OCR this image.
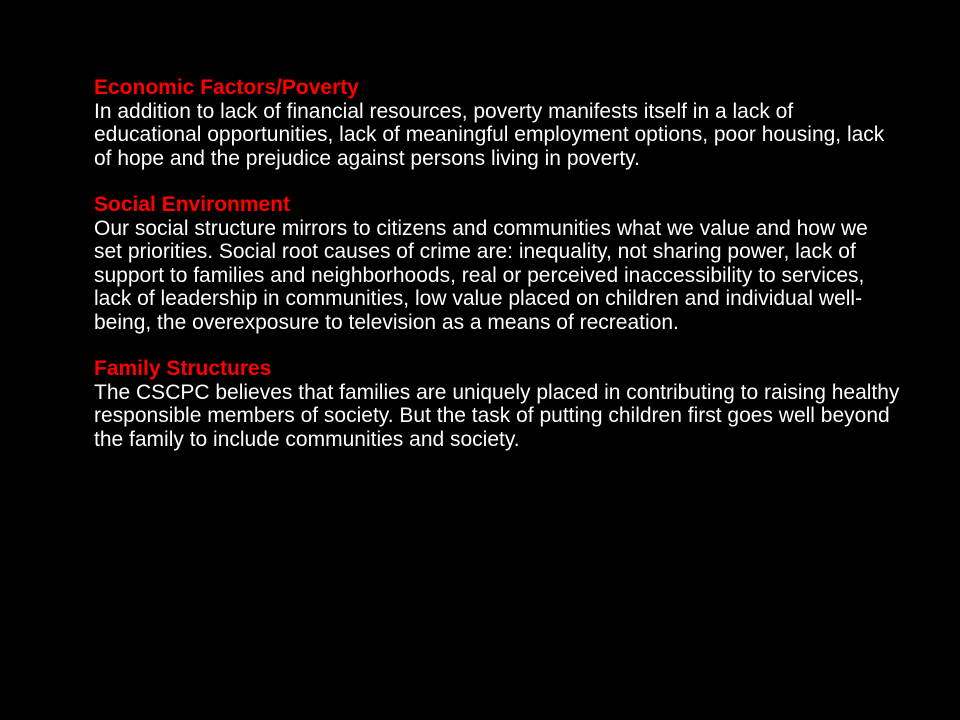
Economic Factors/Poverty

In addition to lack of financial resources, poverty manifests itself in a lack of educational opportunities, lack of meaningful employment options, poor housing, lack of hope and the prejudice against persons living in poverty.

Social Environment

Our social structure mirrors to citizens and communities what we value and how we set priorities. Social root causes of crime are: inequality, not sharing power, lack of support to families and neighborhoods, real or perceived inaccessibility to services, lack of leadership in communities, low value placed on children and individual well-being, the overexposure to television as a means of recreation.

Family Structures

The CSCPC believes that families are uniquely placed in contributing to raising healthy responsible members of society. But the task of putting children first goes well beyond the family to include communities and society.
